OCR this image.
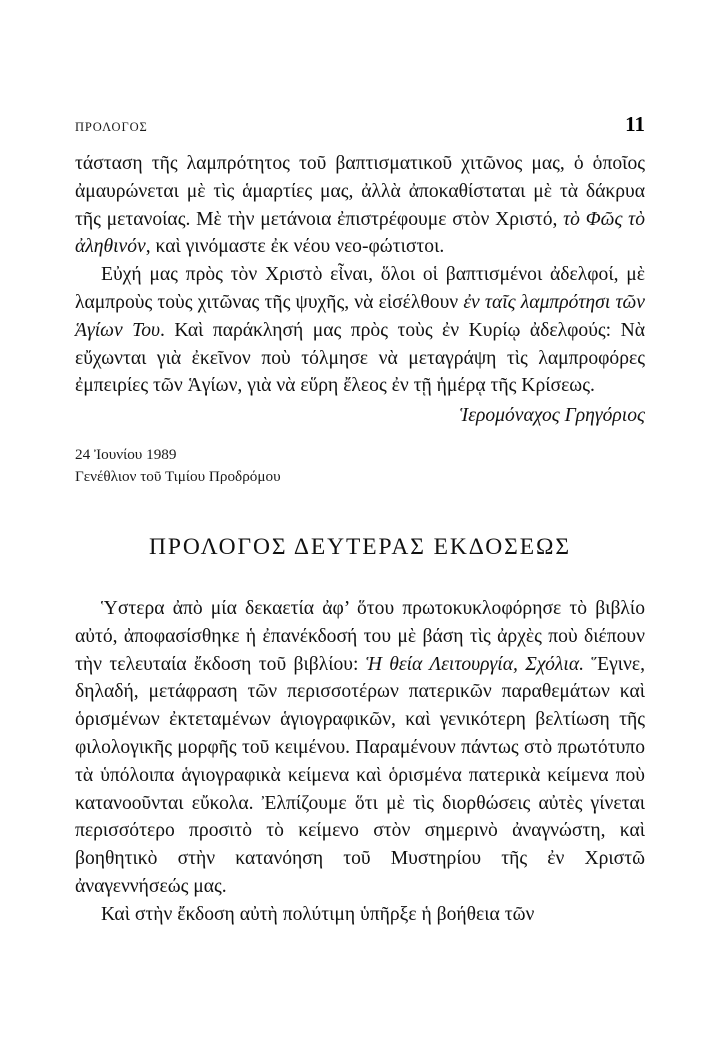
ΠΡΟΛΟΓΟΣ	11

τάσταση τῆς λαμπρότητος τοῦ βαπτισματικοῦ χιτῶνος μας, ὁ ὁποῖος ἀμαυρώνεται μὲ τὶς ἁμαρτίες μας, ἀλλὰ ἀποκαθίσταται μὲ τὰ δάκρυα τῆς μετανοίας. Μὲ τὴν μετάνοια ἐπιστρέφουμε στὸν Χριστό, τὸ Φῶς τὸ ἀληθινόν, καὶ γινόμαστε ἐκ νέου νεο-φώτιστοι.

Εὐχή μας πρὸς τὸν Χριστὸ εἶναι, ὅλοι οἱ βαπτισμένοι ἀδελφοί, μὲ λαμπροὺς τοὺς χιτῶνας τῆς ψυχῆς, νὰ εἰσέλθουν ἐν ταῖς λαμπρότησι τῶν Ἁγίων Του. Καὶ παράκλησή μας πρὸς τοὺς ἐν Κυρίῳ ἀδελφούς: Νὰ εὔχωνται γιὰ ἐκεῖνον ποὺ τόλμησε νὰ μεταγράψη τὶς λαμπροφόρες ἐμπειρίες τῶν Ἁγίων, γιὰ νὰ εὕρη ἔλεος ἐν τῇ ἡμέρᾳ τῆς Κρίσεως.

Ἱερομόναχος Γρηγόριος
24 Ἰουνίου 1989
Γενέθλιον τοῦ Τιμίου Προδρόμου
ΠΡΟΛΟΓΟΣ ΔΕΥΤΕΡΑΣ ΕΚΔΟΣΕΩΣ

Ὑστερα ἀπὸ μία δεκαετία ἀφ’ ὅτου πρωτοκυκλοφόρησε τὸ βιβλίο αὐτό, ἀποφασίσθηκε ἡ ἐπανέκδοσή του μὲ βάση τὶς ἀρχὲς ποὺ διέπουν τὴν τελευταία ἔκδοση τοῦ βιβλίου: Ἡ θεία Λειτουργία, Σχόλια. Ἕγινε, δηλαδή, μετάφραση τῶν περισσοτέρων πατερικῶν παραθεμάτων καὶ ὁρισμένων ἐκτεταμένων ἁγιογραφικῶν, καὶ γενικότερη βελτίωση τῆς φιλολογικῆς μορφῆς τοῦ κειμένου. Παραμένουν πάντως στὸ πρωτότυπο τὰ ὑπόλοιπα ἁγιογραφικὰ κείμενα καὶ ὁρισμένα πατερικὰ κείμενα ποὺ κατανοοῦνται εὔκολα. Ἐλπίζουμε ὅτι μὲ τὶς διορθώσεις αὐτὲς γίνεται περισσότερο προσιτὸ τὸ κείμενο στὸν σημερινὸ ἀναγνώστη, καὶ βοηθητικὸ στὴν κατανόηση τοῦ Μυστηρίου τῆς ἐν Χριστῶ ἀναγεννήσεώς μας.

Καὶ στὴν ἔκδοση αὐτὴ πολύτιμη ὑπῆρξε ἡ βοήθεια τῶν
